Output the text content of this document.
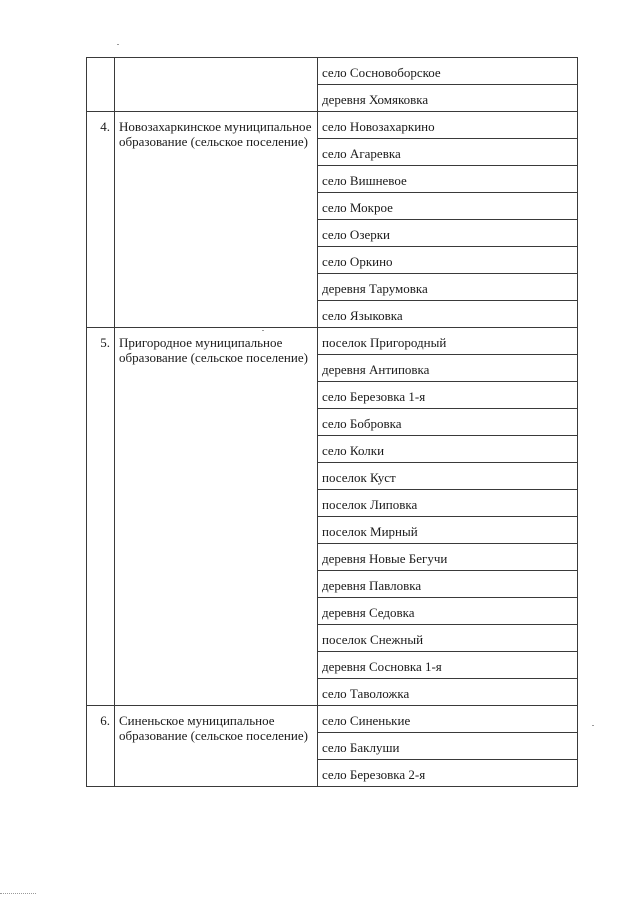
		село Сосновоборское
		деревня Хомяковка
4.	Новозахаркинское муниципальное образование (сельское поселение)	село Новозахаркино
		село Агаревка
		село Вишневое
		село Мокрое
		село Озерки
		село Оркино
		деревня Тарумовка
		село Языковка
5.	Пригородное муниципальное образование (сельское поселение)	поселок Пригородный
		деревня Антиповка
		село Березовка 1-я
		село Бобровка
		село Колки
		поселок Куст
		поселок Липовка
		поселок Мирный
		деревня Новые Бегучи
		деревня Павловка
		деревня Седовка
		поселок Снежный
		деревня Сосновка 1-я
		село Таволожка
6.	Синеньское муниципальное образование (сельское поселение)	село Синенькие
		село Баклуши
		село Березовка 2-я
